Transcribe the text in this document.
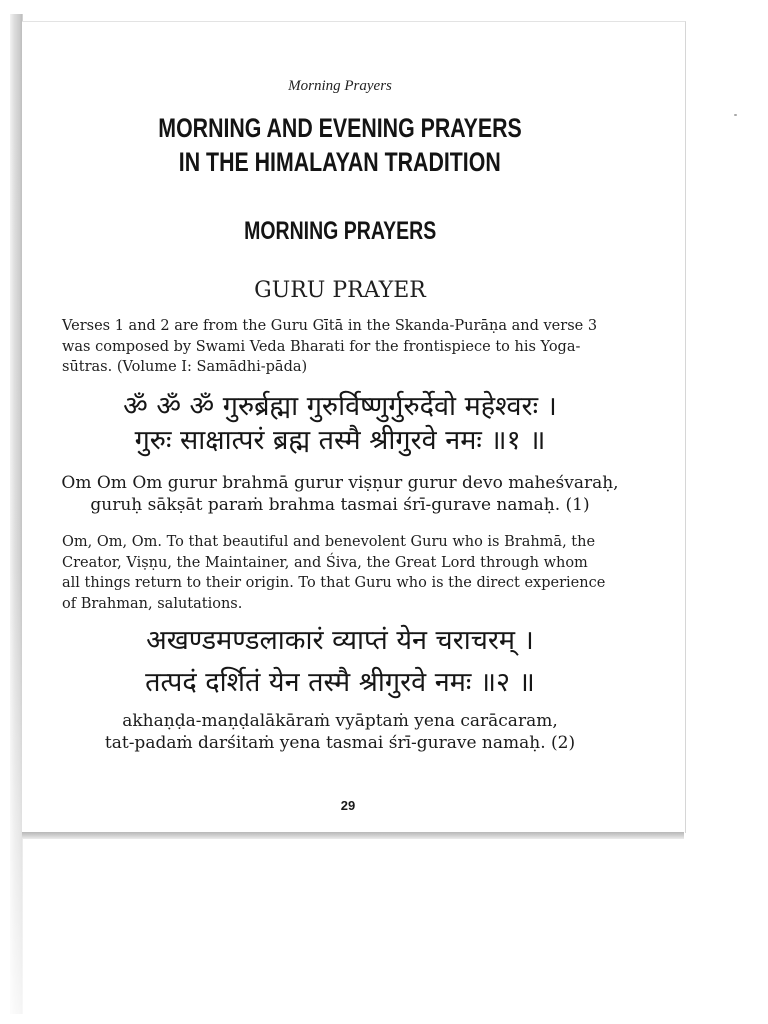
Morning Prayers
MORNING AND EVENING PRAYERS
IN THE HIMALAYAN TRADITION
MORNING PRAYERS
GURU PRAYER
Verses 1 and 2 are from the Guru Gītā in the Skanda-Purāṇa and verse 3
was composed by Swami Veda Bharati for the frontispiece to his Yoga-
sūtras. (Volume I: Samādhi-pāda)
ॐ ॐ ॐ गुरुर्ब्रह्मा गुरुर्विष्णुर्गुरुर्देवो महेश्वरः ।
गुरुः साक्षात्परं ब्रह्म तस्मै श्रीगुरवे नमः ॥१ ॥
Om Om Om gurur brahmā gurur viṣṇur gurur devo maheśvaraḥ,
guruḥ sākṣāt paraṁ brahma tasmai śrī-gurave namaḥ. (1)
Om, Om, Om. To that beautiful and benevolent Guru who is Brahmā, the
Creator, Viṣṇu, the Maintainer, and Śiva, the Great Lord through whom
all things return to their origin. To that Guru who is the direct experience
of Brahman, salutations.
अखण्डमण्डलाकारं व्याप्तं येन चराचरम् ।
तत्पदं दर्शितं येन तस्मै श्रीगुरवे नमः ॥२ ॥
akhaṇḍa-maṇḍalākāraṁ vyāptaṁ yena carācaram,
tat-padaṁ darśitaṁ yena tasmai śrī-gurave namaḥ. (2)
29
